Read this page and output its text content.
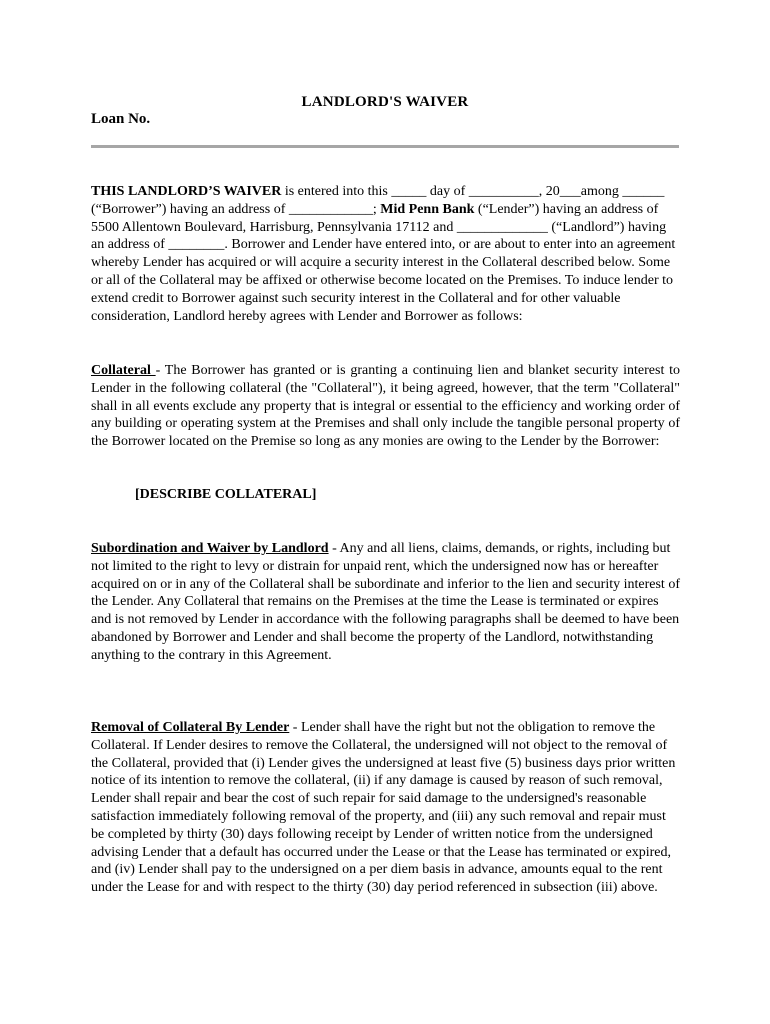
LANDLORD'S WAIVER
Loan No.
THIS LANDLORD’S WAIVER is entered into this _____ day of __________, 20___among ______ (“Borrower”) having an address of ____________; Mid Penn Bank (“Lender”) having an address of 5500 Allentown Boulevard, Harrisburg, Pennsylvania 17112 and _____________ (“Landlord”) having an address of ________. Borrower and Lender have entered into, or are about to enter into an agreement whereby Lender has acquired or will acquire a security interest in the Collateral described below. Some or all of the Collateral may be affixed or otherwise become located on the Premises. To induce lender to extend credit to Borrower against such security interest in the Collateral and for other valuable consideration, Landlord hereby agrees with Lender and Borrower as follows:
Collateral - The Borrower has granted or is granting a continuing lien and blanket security interest to Lender in the following collateral (the "Collateral"), it being agreed, however, that the term "Collateral" shall in all events exclude any property that is integral or essential to the efficiency and working order of any building or operating system at the Premises and shall only include the tangible personal property of the Borrower located on the Premise so long as any monies are owing to the Lender by the Borrower:
[DESCRIBE COLLATERAL]
Subordination and Waiver by Landlord - Any and all liens, claims, demands, or rights, including but not limited to the right to levy or distrain for unpaid rent, which the undersigned now has or hereafter acquired on or in any of the Collateral shall be subordinate and inferior to the lien and security interest of the Lender. Any Collateral that remains on the Premises at the time the Lease is terminated or expires and is not removed by Lender in accordance with the following paragraphs shall be deemed to have been abandoned by Borrower and Lender and shall become the property of the Landlord, notwithstanding anything to the contrary in this Agreement.
Removal of Collateral By Lender - Lender shall have the right but not the obligation to remove the Collateral. If Lender desires to remove the Collateral, the undersigned will not object to the removal of the Collateral, provided that (i) Lender gives the undersigned at least five (5) business days prior written notice of its intention to remove the collateral, (ii) if any damage is caused by reason of such removal, Lender shall repair and bear the cost of such repair for said damage to the undersigned's reasonable satisfaction immediately following removal of the property, and (iii) any such removal and repair must be completed by thirty (30) days following receipt by Lender of written notice from the undersigned advising Lender that a default has occurred under the Lease or that the Lease has terminated or expired, and (iv) Lender shall pay to the undersigned on a per diem basis in advance, amounts equal to the rent under the Lease for and with respect to the thirty (30) day period referenced in subsection (iii) above.
